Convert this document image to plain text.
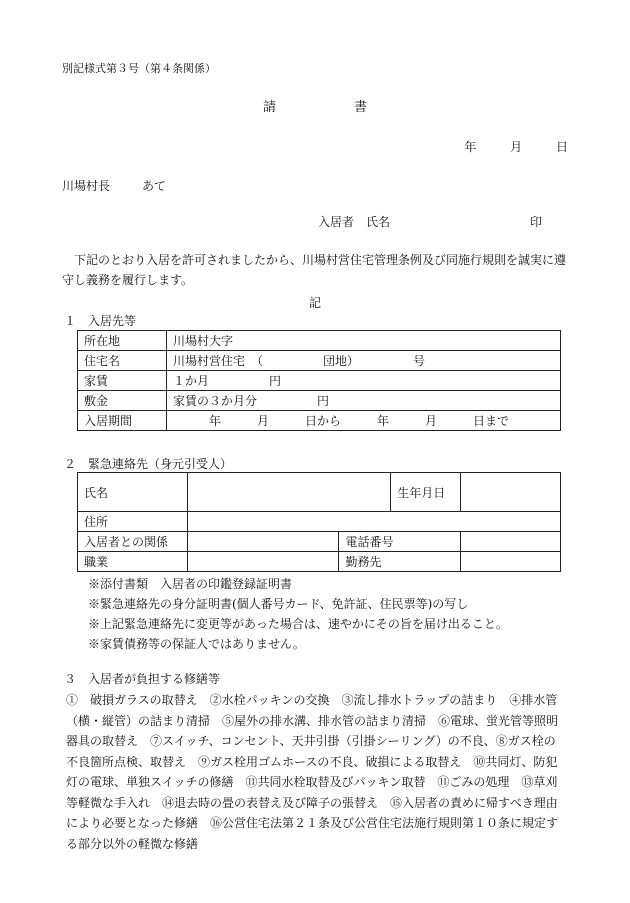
別記様式第３号（第４条関係）
請	書
年	月	日
川場村長	あて
入居者　氏名	印
下記のとおり入居を許可されましたから、川場村営住宅管理条例及び同施行規則を誠実に遵守し義務を履行します。
記
１　入居先等
所在地	川場村大字
住宅名	川場村営住宅　（　　　　　団地）　　　　　号
家賃	１か月　　　　　円
敷金	家賃の３か月分　　　　　円
入居期間	　　　年　　　月　　　日から　　　年　　　月　　　日まで
２　緊急連絡先（身元引受人）
氏名			生年月日	
住所				
入居者との関係		電話番号		
職業		勤務先		
※添付書類　入居者の印鑑登録証明書
※緊急連絡先の身分証明書(個人番号カード、免許証、住民票等)の写し
※上記緊急連絡先に変更等があった場合は、速やかにその旨を届け出ること。
※家賃債務等の保証人ではありません。
３　入居者が負担する修繕等
①　破損ガラスの取替え　②水栓パッキンの交換　③流し排水トラップの詰まり　④排水管（横・縦管）の詰まり清掃　⑤屋外の排水溝、排水管の詰まり清掃　⑥電球、蛍光管等照明器具の取替え　⑦スイッチ、コンセント、天井引掛（引掛シーリング）の不良、⑧ガス栓の不良箇所点検、取替え　⑨ガス栓用ゴムホースの不良、破損による取替え　⑩共同灯、防犯灯の電球、単独スイッチの修繕　⑪共同水栓取替及びパッキン取替　⑪ごみの処理　⑬草刈等軽微な手入れ　⑭退去時の畳の表替え及び障子の張替え　⑮入居者の責めに帰すべき理由により必要となった修繕　⑯公営住宅法第２１条及び公営住宅法施行規則第１０条に規定する部分以外の軽微な修繕
